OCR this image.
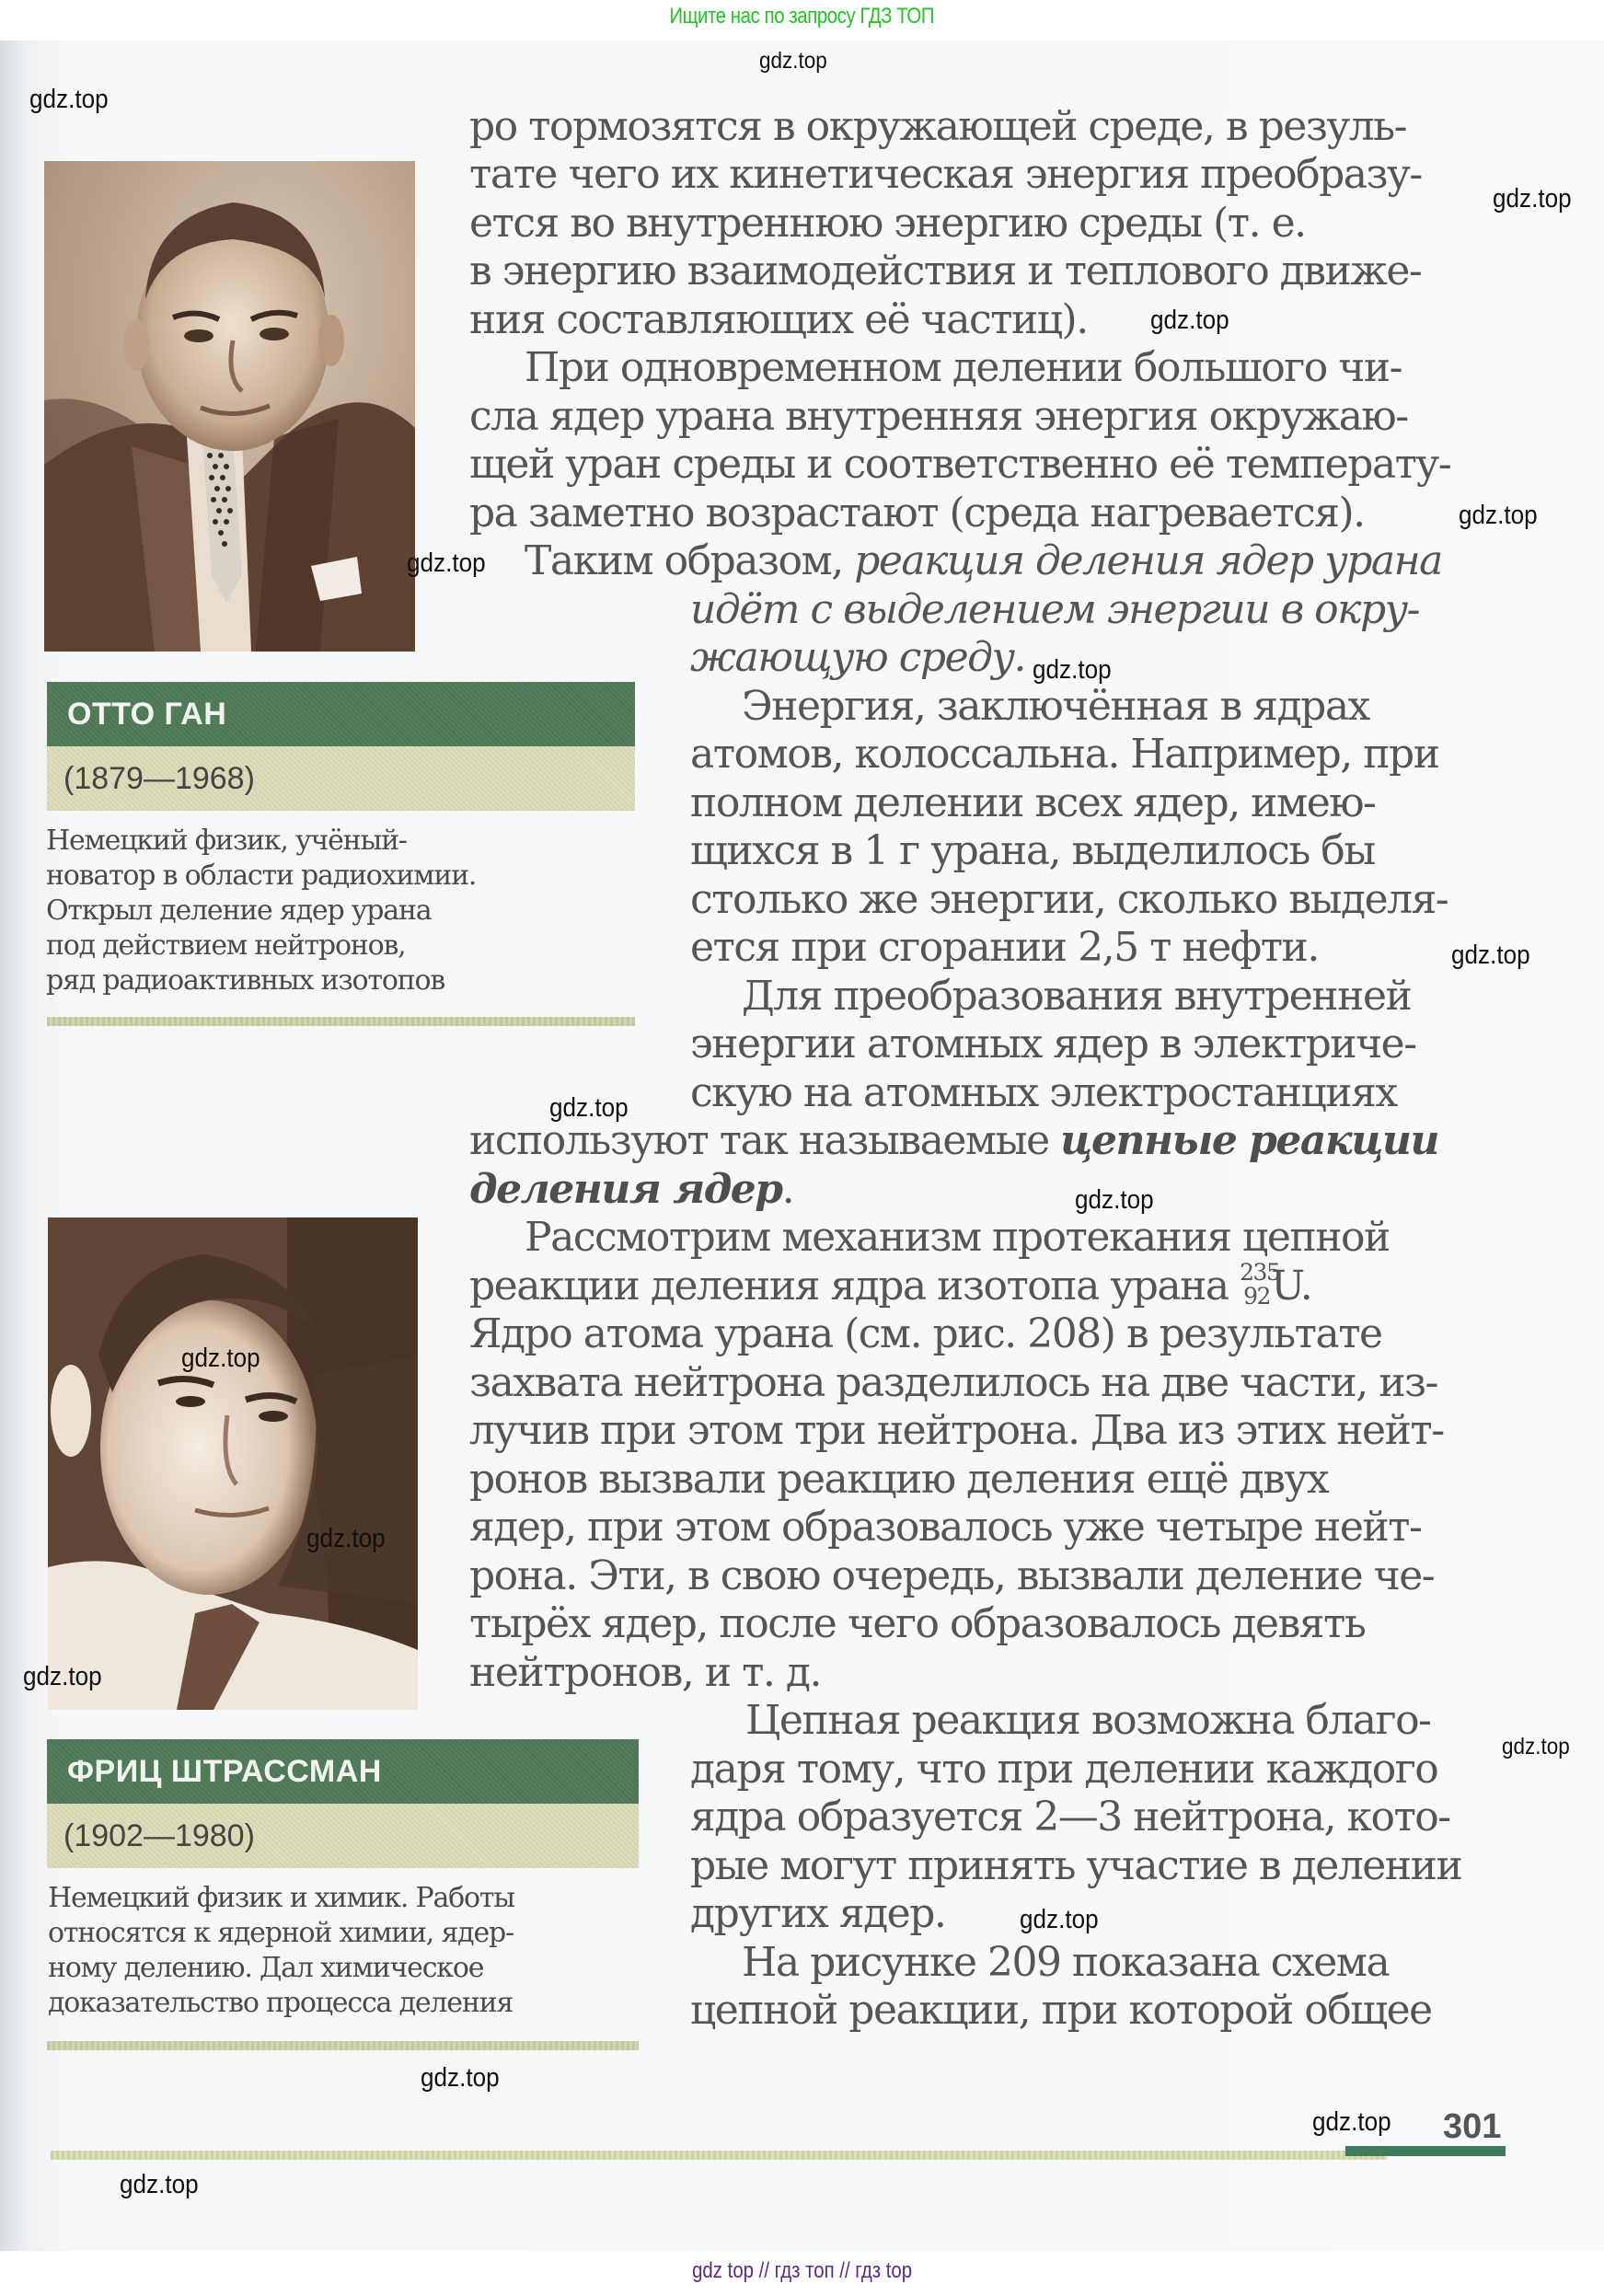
Ищите нас по запросу ГДЗ ТОП
ОТТО ГАН
(1879—1968)
Немецкий физик, учёный-
новатор в области радиохимии.
Открыл деление ядер урана
под действием нейтронов,
ряд радиоактивных изотопов
ФРИЦ ШТРАССМАН
(1902—1980)
Немецкий физик и химик. Работы
относятся к ядерной химии, ядер-
ному делению. Дал химическое
доказательство процесса деления
ро тормозятся в окружающей среде, в резуль-
тате чего их кинетическая энергия преобразу-
ется во внутреннюю энергию среды (т. е.
в энергию взаимодействия и теплового движе-
ния составляющих её частиц).
При одновременном делении большого чи-
сла ядер урана внутренняя энергия окружаю-
щей уран среды и соответственно её температу-
ра заметно возрастают (среда нагревается).
Таким образом, реакция деления ядер урана
идёт с выделением энергии в окру-
жающую среду.
Энергия, заключённая в ядрах
атомов, колоссальна. Например, при
полном делении всех ядер, имею-
щихся в 1 г урана, выделилось бы
столько же энергии, сколько выделя-
ется при сгорании 2,5 т нефти.
Для преобразования внутренней
энергии атомных ядер в электриче-
скую на атомных электростанциях
используют так называемые цепные реакции
деления ядер.
Рассмотрим механизм протекания цепной
реакции деления ядра изотопа урана 235
92 U.
Ядро атома урана (см. рис. 208) в результате
захвата нейтрона разделилось на две части, из-
лучив при этом три нейтрона. Два из этих нейт-
ронов вызвали реакцию деления ещё двух
ядер, при этом образовалось уже четыре нейт-
рона. Эти, в свою очередь, вызвали деление че-
тырёх ядер, после чего образовалось девять
нейтронов, и т. д.
Цепная реакция возможна благо-
даря тому, что при делении каждого
ядра образуется 2—3 нейтрона, кото-
рые могут принять участие в делении
других ядер.
На рисунке 209 показана схема
цепной реакции, при которой общее
301
gdz.top
gdz.top
gdz.top
gdz.top
gdz.top
gdz.top
gdz.top
gdz.top
gdz.top
gdz.top
gdz.top
gdz.top
gdz.top
gdz.top
gdz.top
gdz.top
gdz.top
gdz.top
gdz top // гдз топ // гдз top
